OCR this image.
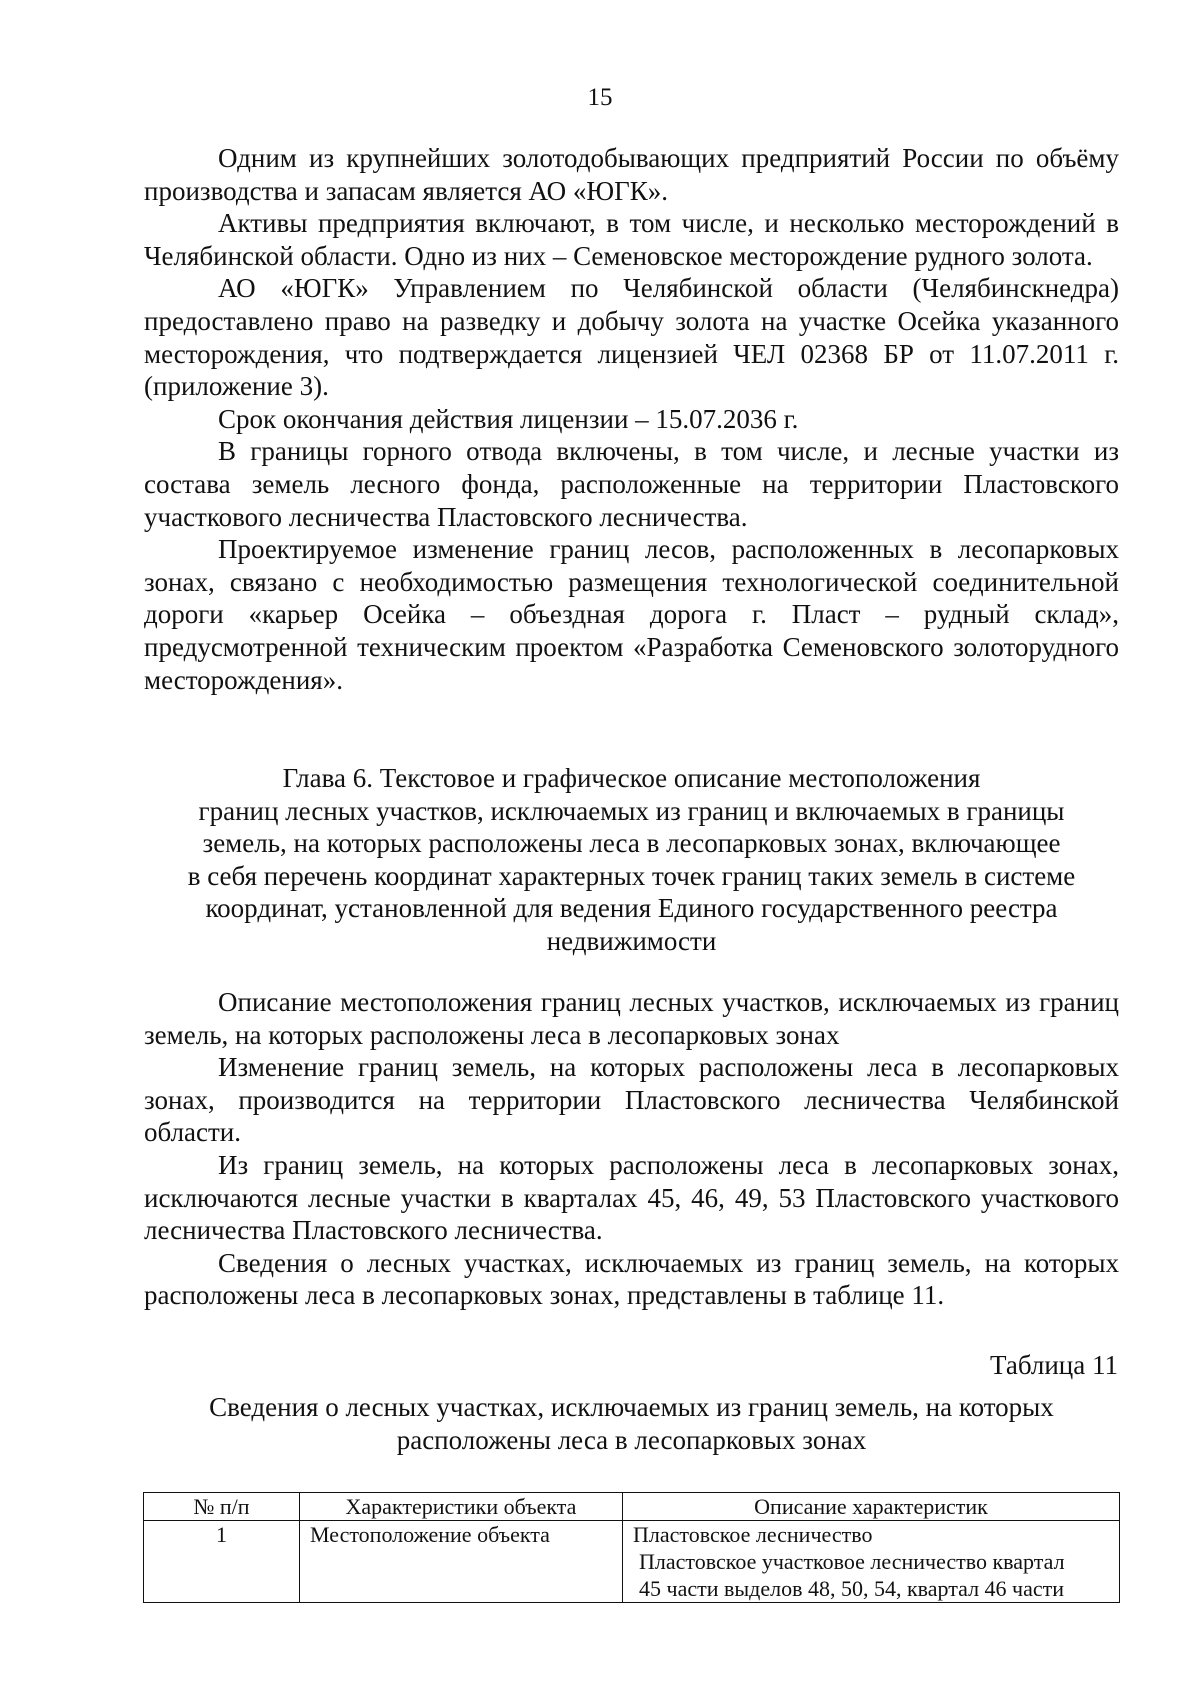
15

Одним из крупнейших золотодобывающих предприятий России по объёму производства и запасам является АО «ЮГК».

Активы предприятия включают, в том числе, и несколько месторождений в Челябинской области. Одно из них – Семеновское месторождение рудного золота.

АО «ЮГК» Управлением по Челябинской области (Челябинскнедра) предоставлено право на разведку и добычу золота на участке Осейка указанного месторождения, что подтверждается лицензией ЧЕЛ 02368 БР от 11.07.2011 г. (приложение 3).

Срок окончания действия лицензии – 15.07.2036 г.

В границы горного отвода включены, в том числе, и лесные участки из состава земель лесного фонда, расположенные на территории Пластовского участкового лесничества Пластовского лесничества.

Проектируемое изменение границ лесов, расположенных в лесопарковых зонах, связано с необходимостью размещения технологической соединительной дороги «карьер Осейка – объездная дорога г. Пласт – рудный склад», предусмотренной техническим проектом «Разработка Семеновского золоторудного месторождения».

Глава 6. Текстовое и графическое описание местоположения
границ лесных участков, исключаемых из границ и включаемых в границы
земель, на которых расположены леса в лесопарковых зонах, включающее
в себя перечень координат характерных точек границ таких земель в системе
координат, установленной для ведения Единого государственного реестра
недвижимости

Описание местоположения границ лесных участков, исключаемых из границ земель, на которых расположены леса в лесопарковых зонах

Изменение границ земель, на которых расположены леса в лесопарковых зонах, производится на территории Пластовского лесничества Челябинской области.

Из границ земель, на которых расположены леса в лесопарковых зонах, исключаются лесные участки в кварталах 45, 46, 49, 53 Пластовского участкового лесничества Пластовского лесничества.

Сведения о лесных участках, исключаемых из границ земель, на которых расположены леса в лесопарковых зонах, представлены в таблице 11.

Таблица 11
Сведения о лесных участках, исключаемых из границ земель, на которых
расположены леса в лесопарковых зонах
№ п/п	Характеристики объекта	Описание характеристик
1	Местоположение объекта	Пластовское лесничество
Пластовское участковое лесничество квартал
45 части выделов 48, 50, 54, квартал 46 части
